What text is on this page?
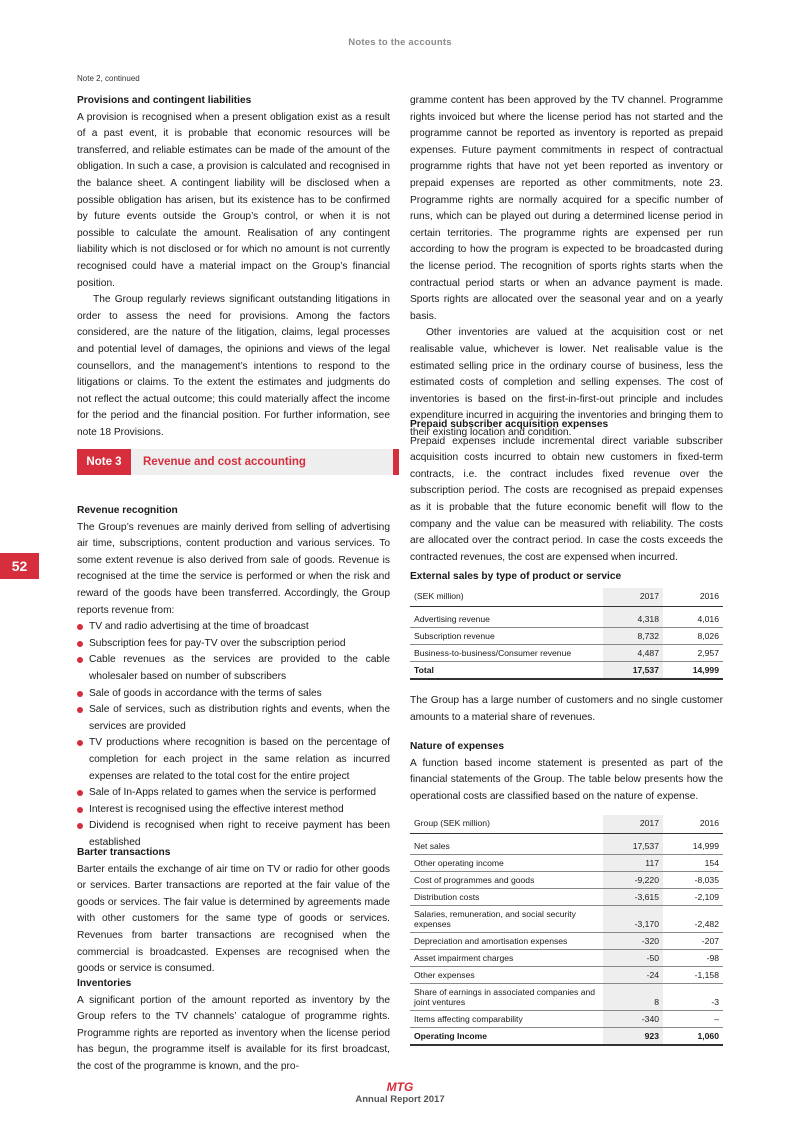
Notes to the accounts
Note 2, continued
52
Provisions and contingent liabilities

A provision is recognised when a present obligation exist as a result of a past event, it is probable that economic resources will be transferred, and reliable estimates can be made of the amount of the obligation. In such a case, a provision is calculated and recognised in the balance sheet. A contingent liability will be disclosed when a possible obligation has arisen, but its existence has to be confirmed by future events outside the Group’s control, or when it is not possible to calculate the amount. Realisation of any contingent liability which is not disclosed or for which no amount is not currently recognised could have a material impact on the Group’s financial position.

The Group regularly reviews significant outstanding litigations in order to assess the need for provisions. Among the factors considered, are the nature of the litigation, claims, legal processes and potential level of damages, the opinions and views of the legal counsellors, and the management’s intentions to respond to the litigations or claims. To the extent the estimates and judgments do not reflect the actual outcome; this could materially affect the income for the period and the financial position. For further information, see note 18 Provisions.

Note 3	Revenue and cost accounting
Revenue recognition

The Group’s revenues are mainly derived from selling of advertising air time, subscriptions, content production and various services. To some extent revenue is also derived from sale of goods. Revenue is recognised at the time the service is performed or when the risk and reward of the goods have been transferred. Accordingly, the Group reports revenue from:

TV and radio advertising at the time of broadcast
Subscription fees for pay-TV over the subscription period
Cable revenues as the services are provided to the cable wholesaler based on number of subscribers
Sale of goods in accordance with the terms of sales
Sale of services, such as distribution rights and events, when the services are provided
TV productions where recognition is based on the percentage of completion for each project in the same relation as incurred expenses are related to the total cost for the entire project
Sale of In-Apps related to games when the service is performed
Interest is recognised using the effective interest method
Dividend is recognised when right to receive payment has been established
Barter transactions

Barter entails the exchange of air time on TV or radio for other goods or services. Barter transactions are reported at the fair value of the goods or services. The fair value is determined by agreements made with other customers for the same type of goods or services. Revenues from barter transactions are recognised when the commercial is broadcasted. Expenses are recognised when the goods or service is consumed.

Inventories

A significant portion of the amount reported as inventory by the Group refers to the TV channels’ catalogue of programme rights. Programme rights are reported as inventory when the license period has begun, the programme itself is available for its first broadcast, the cost of the programme is known, and the pro-

gramme content has been approved by the TV channel. Programme rights invoiced but where the license period has not started and the programme cannot be reported as inventory is reported as prepaid expenses. Future payment commitments in respect of contractual programme rights that have not yet been reported as inventory or prepaid expenses are reported as other commitments, note 23. Programme rights are normally acquired for a specific number of runs, which can be played out during a determined license period in certain territories. The programme rights are expensed per run according to how the program is expected to be broadcasted during the license period. The recognition of sports rights starts when the contractual period starts or when an advance payment is made. Sports rights are allocated over the seasonal year and on a yearly basis.

Other inventories are valued at the acquisition cost or net realisable value, whichever is lower. Net realisable value is the estimated selling price in the ordinary course of business, less the estimated costs of completion and selling expenses. The cost of inventories is based on the first-in-first-out principle and includes expenditure incurred in acquiring the inventories and bringing them to their existing location and condition.

Prepaid subscriber acquisition expenses

Prepaid expenses include incremental direct variable subscriber acquisition costs incurred to obtain new customers in fixed-term contracts, i.e. the contract includes fixed revenue over the subscription period. The costs are recognised as prepaid expenses as it is probable that the future economic benefit will flow to the company and the value can be measured with reliability. The costs are allocated over the contract period. In case the costs exceeds the contracted revenues, the cost are expensed when incurred.

External sales by type of product or service
(SEK million)	2017	2016

Advertising revenue	4,318	4,016
Subscription revenue	8,732	8,026
Business-to-business/Consumer revenue	4,487	2,957
Total	17,537	14,999

The Group has a large number of customers and no single customer amounts to a material share of revenues.

Nature of expenses

A function based income statement is presented as part of the financial statements of the Group. The table below presents how the operational costs are classified based on the nature of expense.

Group (SEK million)	2017	2016

Net sales	17,537	14,999
Other operating income	117	154
Cost of programmes and goods	-9,220	-8,035
Distribution costs	-3,615	-2,109
Salaries, remuneration, and social security expenses	-3,170	-2,482
Depreciation and amortisation expenses	-320	-207
Asset impairment charges	-50	-98
Other expenses	-24	-1,158
Share of earnings in associated companies and joint ventures	8	-3
Items affecting comparability	-340	–
Operating Income	923	1,060
MTG
Annual Report 2017
